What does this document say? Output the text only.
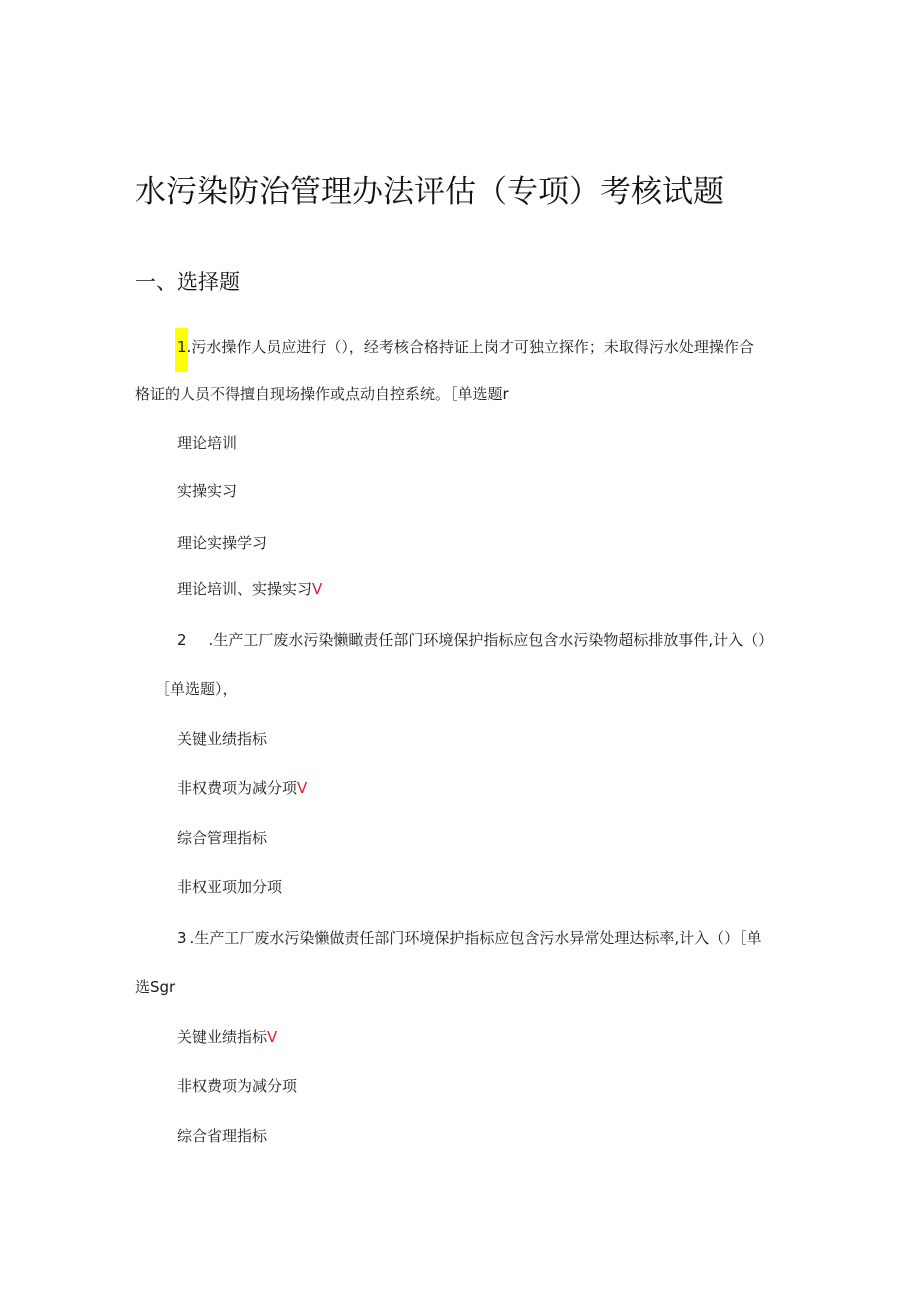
水污染防治管理办法评估（专项）考核试题
一、选择题
1.污水操作人员应进行（），经考核合格持证上岗才可独立探作；未取得污水处理操作合
格证的人员不得擅自现场操作或点动自控系统。［单选题r
理论培训
实操实习
理论实操学习
理论培训、实操实习V
2 .生产工厂废水污染懒瞰责任部门环境保护指标应包含水污染物超标排放事件,计入（）
［单选题），
关键业绩指标
非权费项为减分项V
综合管理指标
非权亚项加分项
3 .生产工厂废水污染懒做责任部门环境保护指标应包含污水异常处理达标率,计入（）［单
选Sgr
关键业绩指标V
非权费项为减分项
综合省理指标
